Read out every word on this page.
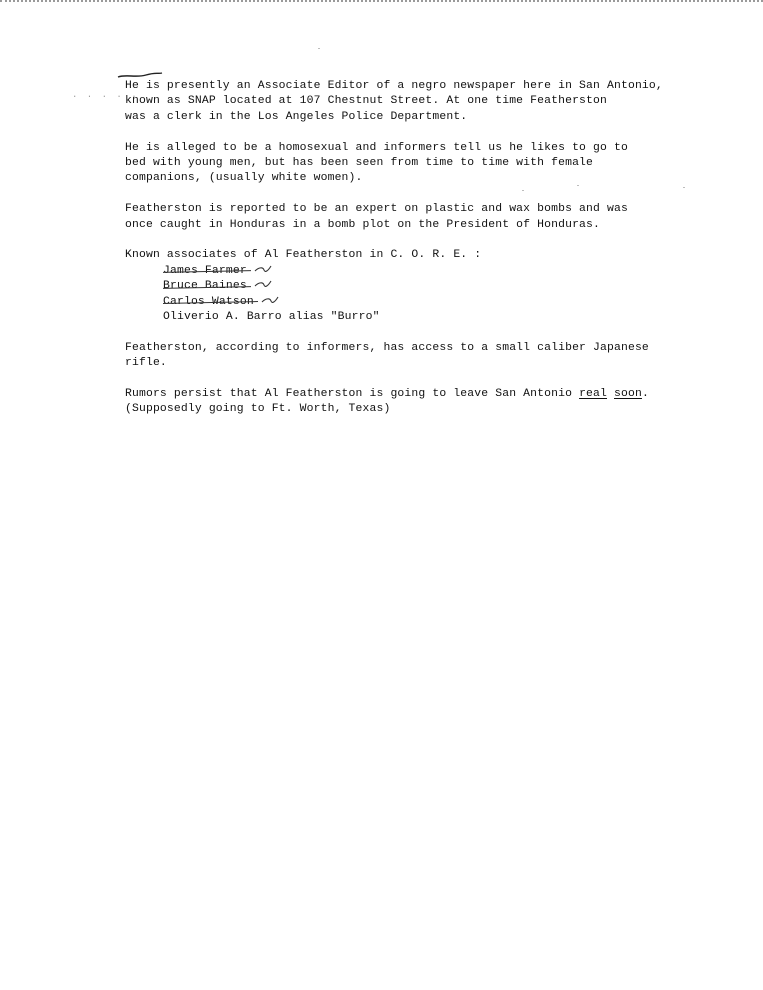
. . . . .
He is presently an Associate Editor of a negro newspaper here in San Antonio,
known as SNAP located at 107 Chestnut Street. At one time Featherston
was a clerk in the Los Angeles Police Department.
He is alleged to be a homosexual and informers tell us he likes to go to
bed with young men, but has been seen from time to time with female
companions, (usually white women).
Featherston is reported to be an expert on plastic and wax bombs and was
once caught in Honduras in a bomb plot on the President of Honduras.
Known associates of Al Featherston in C. O. R. E. :
James Farmer
Bruce Baines
Carlos Watson
Oliverio A. Barro alias "Burro"
Featherston, according to informers, has access to a small caliber Japanese
rifle.
Rumors persist that Al Featherston is going to leave San Antonio real soon.
(Supposedly going to Ft. Worth, Texas)
